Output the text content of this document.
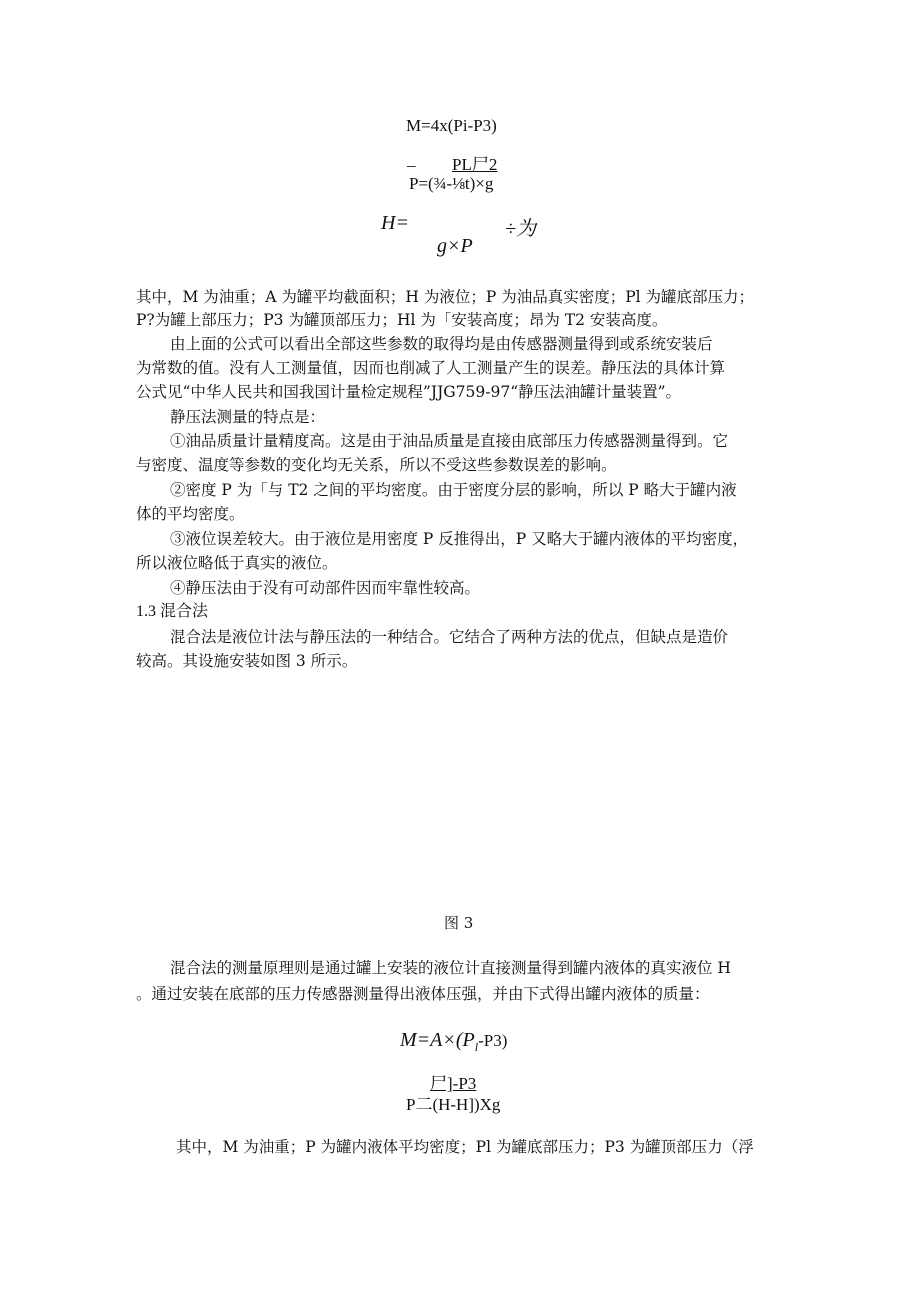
M=4x(Pi-P3)
_ PL尸2
P=(¾-⅛t)×g
H=	÷为
g×P
其中，M 为油重；A 为罐平均截面积；H 为液位；P 为油品真实密度；Pl 为罐底部压力；
P?为罐上部压力；P3 为罐顶部压力；Hl 为「安装高度；昂为 T2 安装高度。
由上面的公式可以看出全部这些参数的取得均是由传感器测量得到或系统安装后
为常数的值。没有人工测量值，因而也削减了人工测量产生的误差。静压法的具体计算
公式见“中华人民共和国我国计量检定规程”JJG759-97“静压法油罐计量装置”。
静压法测量的特点是：
①油品质量计量精度高。这是由于油品质量是直接由底部压力传感器测量得到。它
与密度、温度等参数的变化均无关系，所以不受这些参数误差的影响。
②密度 P 为「与 T2 之间的平均密度。由于密度分层的影响，所以 P 略大于罐内液
体的平均密度。
③液位误差较大。由于液位是用密度 P 反推得出，P 又略大于罐内液体的平均密度，
所以液位略低于真实的液位。
④静压法由于没有可动部件因而牢靠性较高。
1.3 混合法
混合法是液位计法与静压法的一种结合。它结合了两种方法的优点，但缺点是造价
较高。其设施安装如图 3 所示。
图 3
混合法的测量原理则是通过罐上安装的液位计直接测量得到罐内液体的真实液位 H
。通过安装在底部的压力传感器测量得出液体压强，并由下式得出罐内液体的质量：
$M=A\times(P_l-P3)$
尸]-P3
P二(H-H])Xg
其中，M 为油重；P 为罐内液体平均密度；Pl 为罐底部压力；P3 为罐顶部压力（浮
